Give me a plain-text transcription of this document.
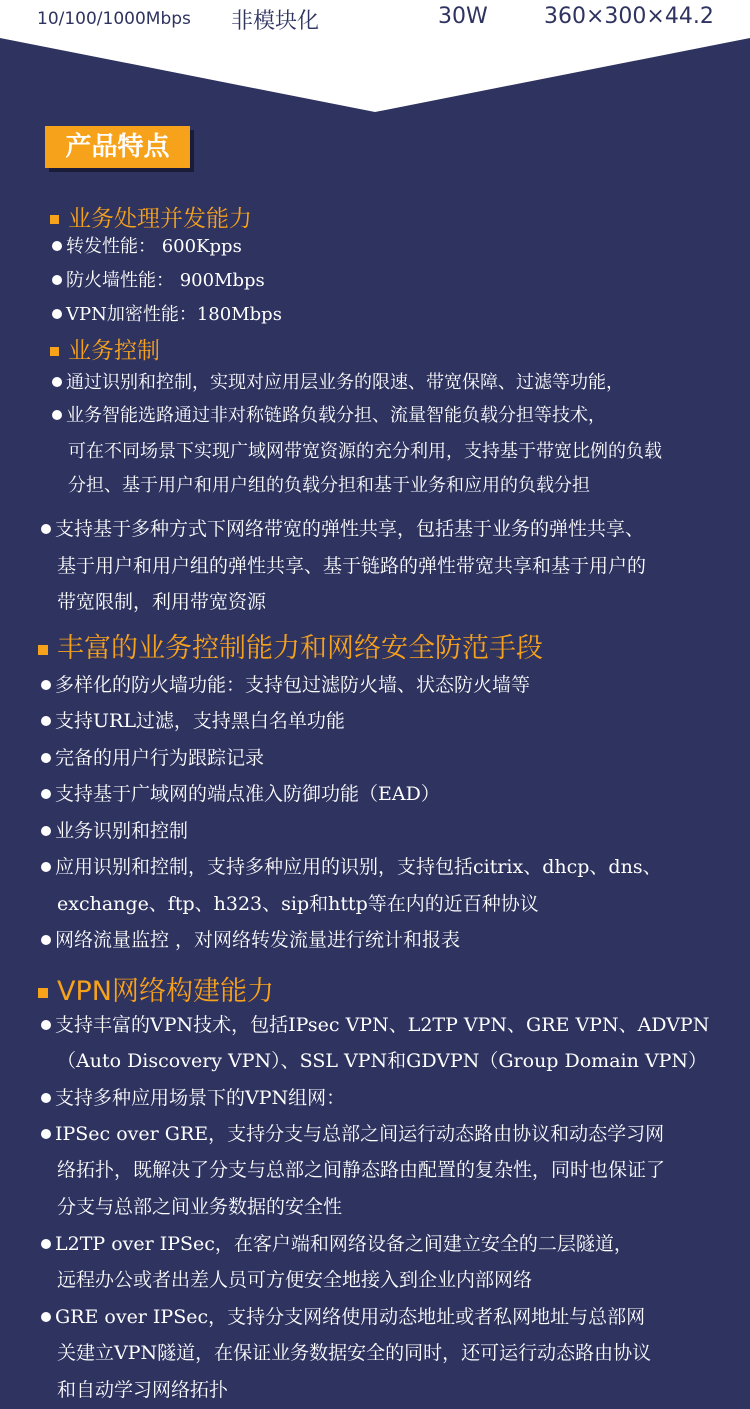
10/100/1000Mbps 非模块化	30W	360×300×44.2
产品特点
业务处理并发能力
转发性能： 600Kpps
防火墙性能： 900Mbps
VPN加密性能：180Mbps
业务控制
通过识别和控制，实现对应用层业务的限速、带宽保障、过滤等功能，
业务智能选路通过非对称链路负载分担、流量智能负载分担等技术，
可在不同场景下实现广域网带宽资源的充分利用，支持基于带宽比例的负载
分担、基于用户和用户组的负载分担和基于业务和应用的负载分担
支持基于多种方式下网络带宽的弹性共享，包括基于业务的弹性共享、
基于用户和用户组的弹性共享、基于链路的弹性带宽共享和基于用户的
带宽限制，利用带宽资源
丰富的业务控制能力和网络安全防范手段
多样化的防火墙功能：支持包过滤防火墙、状态防火墙等
支持URL过滤，支持黑白名单功能
完备的用户行为跟踪记录
支持基于广域网的端点准入防御功能（EAD）
业务识别和控制
应用识别和控制，支持多种应用的识别，支持包括citrix、dhcp、dns、
exchange、ftp、h323、sip和http等在内的近百种协议
网络流量监控 ，对网络转发流量进行统计和报表
VPN网络构建能力
支持丰富的VPN技术，包括IPsec VPN、L2TP VPN、GRE VPN、ADVPN
（Auto Discovery VPN）、SSL VPN和GDVPN（Group Domain VPN）
支持多种应用场景下的VPN组网：
IPSec over GRE，支持分支与总部之间运行动态路由协议和动态学习网
络拓扑，既解决了分支与总部之间静态路由配置的复杂性，同时也保证了
分支与总部之间业务数据的安全性
L2TP over IPSec，在客户端和网络设备之间建立安全的二层隧道，
远程办公或者出差人员可方便安全地接入到企业内部网络
GRE over IPSec，支持分支网络使用动态地址或者私网地址与总部网
关建立VPN隧道，在保证业务数据安全的同时，还可运行动态路由协议
和自动学习网络拓扑
